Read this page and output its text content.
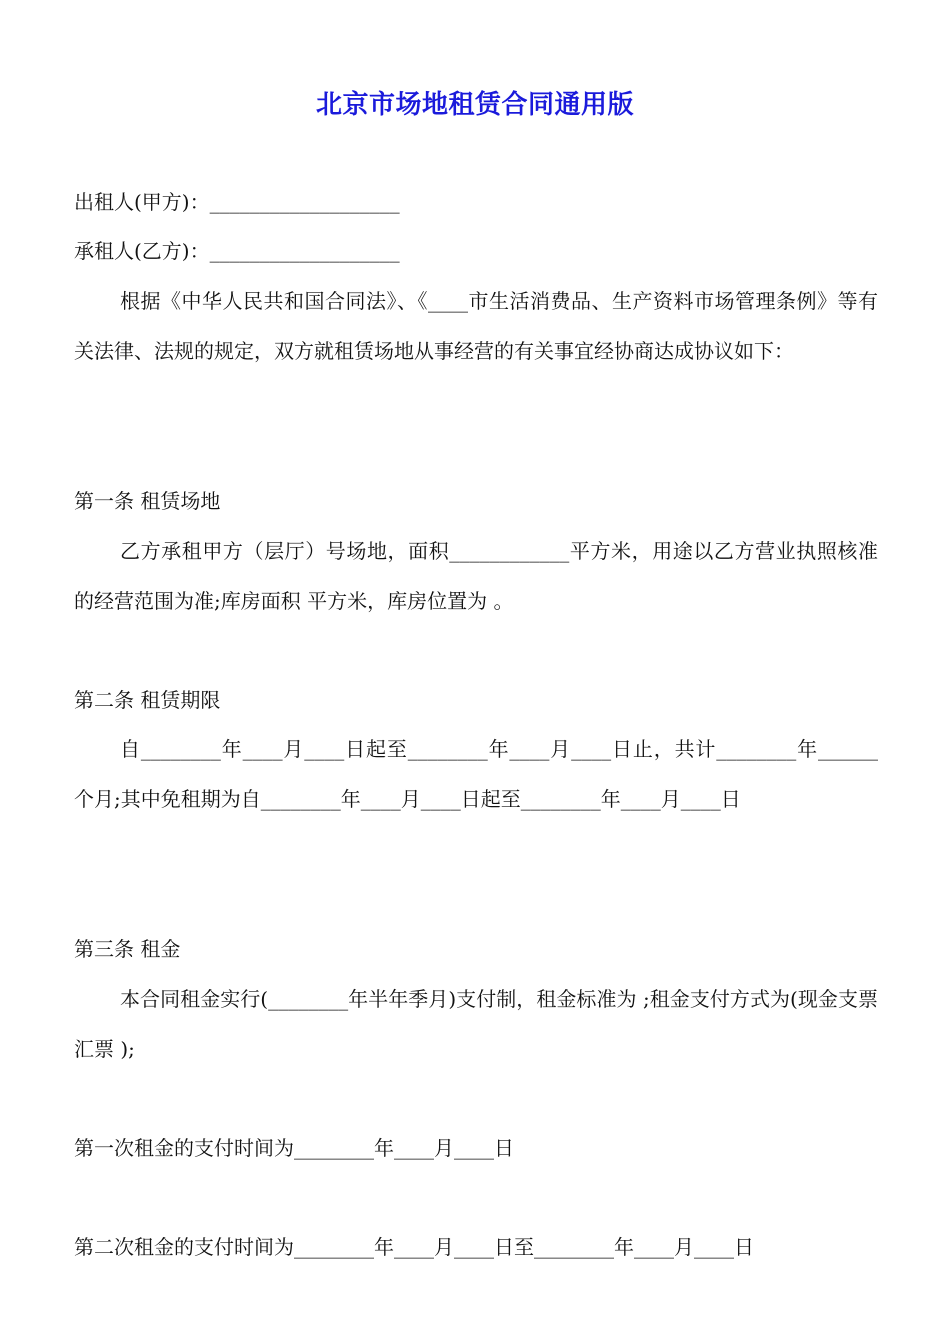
北京市场地租赁合同通用版
出租人(甲方)：___________________
承租人(乙方)：___________________
根据《中华人民共和国合同法》、《____市生活消费品、生产资料市场管理条例》等有关法律、法规的规定，双方就租赁场地从事经营的有关事宜经协商达成协议如下：
第一条 租赁场地
乙方承租甲方（层厅）号场地，面积____________平方米，用途以乙方营业执照核准的经营范围为准;库房面积 平方米，库房位置为 。
第二条 租赁期限
自________年____月____日起至________年____月____日止，共计________年______个月;其中免租期为自________年____月____日起至________年____月____日
第三条 租金
本合同租金实行(________年半年季月)支付制，租金标准为 ;租金支付方式为(现金支票汇票 );
第一次租金的支付时间为________年____月____日
第二次租金的支付时间为________年____月____日至________年____月____日
